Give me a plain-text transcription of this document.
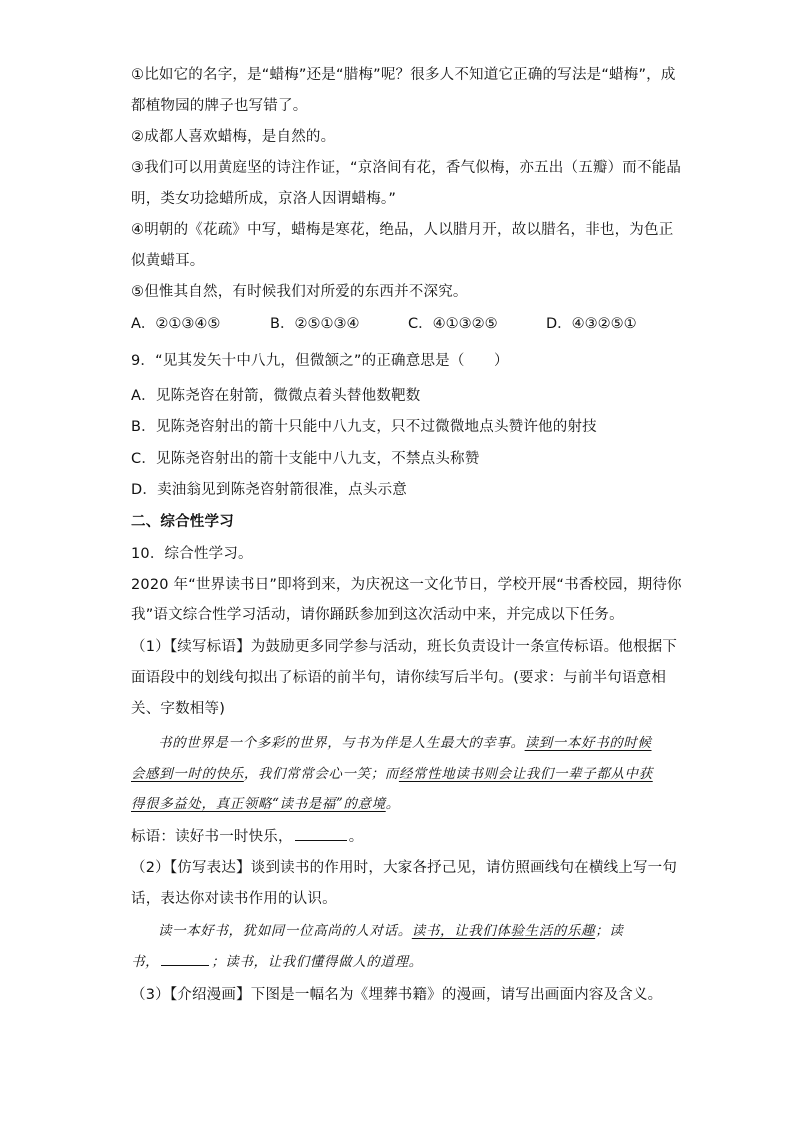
①比如它的名字，是“蜡梅”还是“腊梅”呢？很多人不知道它正确的写法是“蜡梅”，成
都植物园的牌子也写错了。
②成都人喜欢蜡梅，是自然的。
③我们可以用黄庭坚的诗注作证，“京洛间有花，香气似梅，亦五出（五瓣）而不能晶
明，类女功捻蜡所成，京洛人因谓蜡梅。”
④明朝的《花疏》中写，蜡梅是寒花，绝品，人以腊月开，故以腊名，非也，为色正
似黄蜡耳。
⑤但惟其自然，有时候我们对所爱的东西并不深究。
A．②①③④⑤	B．②⑤①③④	C．④①③②⑤	D．④③②⑤①
9．“见其发矢十中八九，但微颔之”的正确意思是（　　）
A．见陈尧咨在射箭，微微点着头替他数靶数
B．见陈尧咨射出的箭十只能中八九支，只不过微微地点头赞许他的射技
C．见陈尧咨射出的箭十支能中八九支，不禁点头称赞
D．卖油翁见到陈尧咨射箭很准，点头示意
二、综合性学习
10．综合性学习。
2020 年“世界读书日”即将到来，为庆祝这一文化节日，学校开展“书香校园，期待你
我”语文综合性学习活动，请你踊跃参加到这次活动中来，并完成以下任务。
（1）【续写标语】为鼓励更多同学参与活动，班长负责设计一条宣传标语。他根据下
面语段中的划线句拟出了标语的前半句，请你续写后半句。(要求：与前半句语意相
关、字数相等)
书的世界是一个多彩的世界，与书为伴是人生最大的幸事。读到一本好书的时候
会感到一时的快乐，我们常常会心一笑；而经常性地读书则会让我们一辈子都从中获
得很多益处，真正领略“读书是福”的意境。
标语：读好书一时快乐，	。
（2）【仿写表达】谈到读书的作用时，大家各抒己见，请仿照画线句在横线上写一句
话，表达你对读书作用的认识。
读一本好书，犹如同一位高尚的人对话。读书，让我们体验生活的乐趣；读
书，	；读书，让我们懂得做人的道理。
（3）【介绍漫画】下图是一幅名为《埋葬书籍》的漫画，请写出画面内容及含义。
